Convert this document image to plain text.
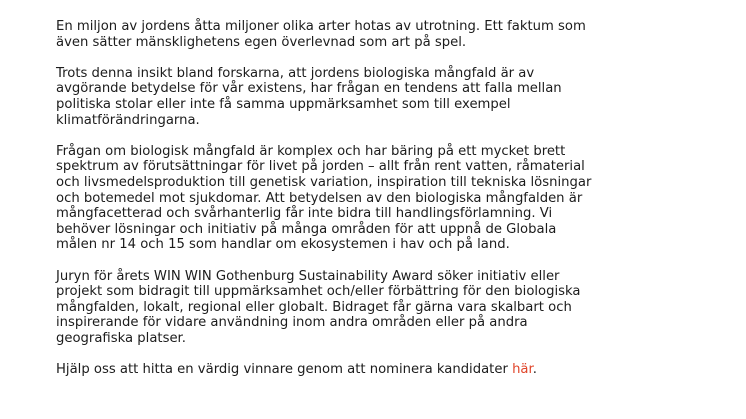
En miljon av jordens åtta miljoner olika arter hotas av utrotning. Ett faktum som
även sätter mänsklighetens egen överlevnad som art på spel.

Trots denna insikt bland forskarna, att jordens biologiska mångfald är av
avgörande betydelse för vår existens, har frågan en tendens att falla mellan
politiska stolar eller inte få samma uppmärksamhet som till exempel
klimatförändringarna.

Frågan om biologisk mångfald är komplex och har bäring på ett mycket brett
spektrum av förutsättningar för livet på jorden – allt från rent vatten, råmaterial
och livsmedelsproduktion till genetisk variation, inspiration till tekniska lösningar
och botemedel mot sjukdomar. Att betydelsen av den biologiska mångfalden är
mångfacetterad och svårhanterlig får inte bidra till handlingsförlamning. Vi
behöver lösningar och initiativ på många områden för att uppnå de Globala
målen nr 14 och 15 som handlar om ekosystemen i hav och på land.

Juryn för årets WIN WIN Gothenburg Sustainability Award söker initiativ eller
projekt som bidragit till uppmärksamhet och/eller förbättring för den biologiska
mångfalden, lokalt, regional eller globalt. Bidraget får gärna vara skalbart och
inspirerande för vidare användning inom andra områden eller på andra
geografiska platser.

Hjälp oss att hitta en värdig vinnare genom att nominera kandidater här.
